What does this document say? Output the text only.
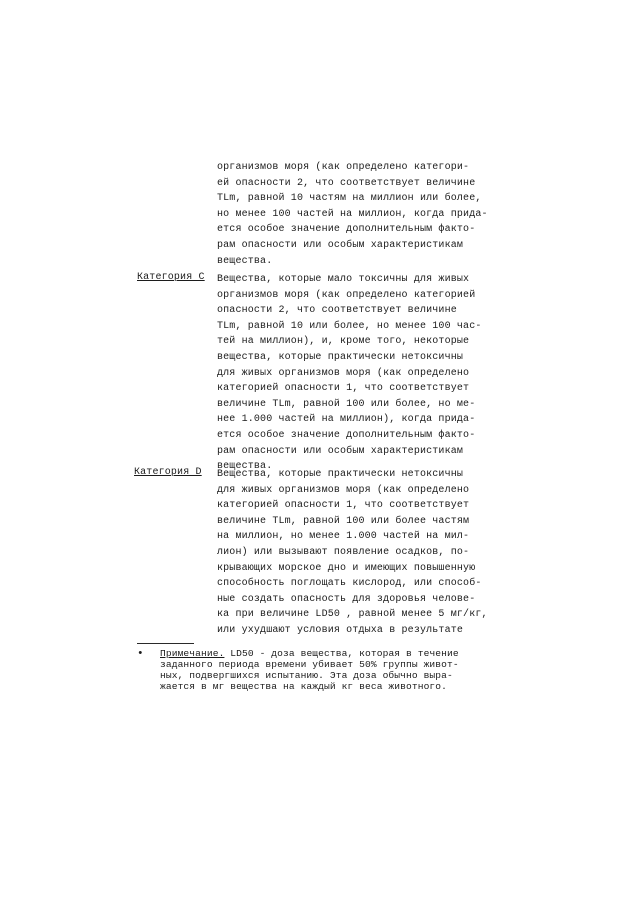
организмов моря (как определено категори-
ей опасности 2, что соответствует величине
TLm, равной 10 частям на миллион или более,
но менее 100 частей на миллион, когда прида-
ется особое значение дополнительным факто-
рам опасности или особым характеристикам
вещества.
Категория С Вещества, которые мало токсичны для живых
организмов моря (как определено категорией
опасности 2, что соответствует величине
TLm, равной 10 или более, но менее 100 час-
тей на миллион), и, кроме того, некоторые
вещества, которые практически нетоксичны
для живых организмов моря (как определено
категорией опасности 1, что соответствует
величине TLm, равной 100 или более, но ме-
нее 1.000 частей на миллион), когда прида-
ется особое значение дополнительным факто-
рам опасности или особым характеристикам
вещества.
Категория D Вещества, которые практически нетоксичны
для живых организмов моря (как определено
категорией опасности 1, что соответствует
величине TLm, равной 100 или более частям
на миллион, но менее 1.000 частей на мил-
лион) или вызывают появление осадков, по-
крывающих морское дно и имеющих повышенную
способность поглощать кислород, или способ-
ные создать опасность для здоровья челове-
ка при величине LD50 , равной менее 5 мг/кг,
или ухудшают условия отдыха в результате
• Примечание. LD50 - доза вещества, которая в течение
заданного периода времени убивает 50% группы живот-
ных, подвергшихся испытанию. Эта доза обычно выра-
жается в мг вещества на каждый кг веса животного.
